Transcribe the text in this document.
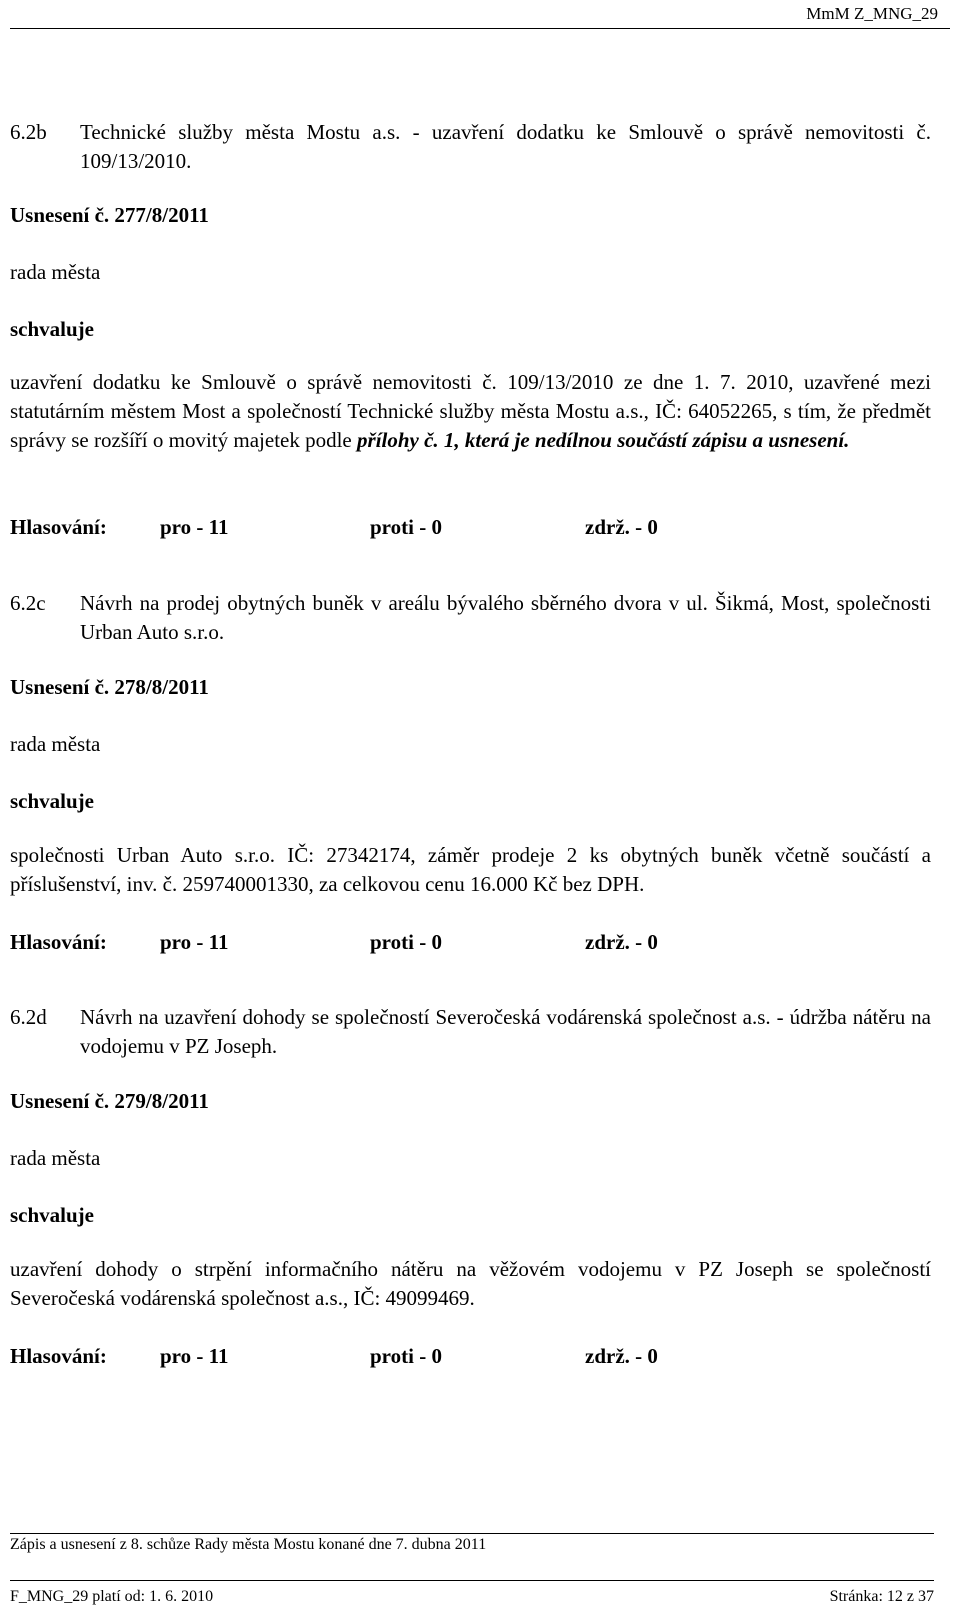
MmM Z_MNG_29
6.2b Technické služby města Mostu a.s. - uzavření dodatku ke Smlouvě o správě nemovitosti č. 109/13/2010.
Usnesení č. 277/8/2011
rada města
schvaluje
uzavření dodatku ke Smlouvě o správě nemovitosti č. 109/13/2010 ze dne 1. 7. 2010, uzavřené mezi statutárním městem Most a společností Technické služby města Mostu a.s., IČ: 64052265, s tím, že předmět správy se rozšíří o movitý majetek podle přílohy č. 1, která je nedílnou součástí zápisu a usnesení.
Hlasování:	pro - 11	proti - 0	zdrž. - 0
6.2c Návrh na prodej obytných buněk v areálu bývalého sběrného dvora v ul. Šikmá, Most, společnosti Urban Auto s.r.o.
Usnesení č. 278/8/2011
rada města
schvaluje
společnosti Urban Auto s.r.o. IČ: 27342174, záměr prodeje 2 ks obytných buněk včetně součástí a příslušenství, inv. č. 259740001330, za celkovou cenu 16.000 Kč bez DPH.
Hlasování:	pro - 11	proti - 0	zdrž. - 0
6.2d Návrh na uzavření dohody se společností Severočeská vodárenská společnost a.s. - údržba nátěru na vodojemu v PZ Joseph.
Usnesení č. 279/8/2011
rada města
schvaluje
uzavření dohody o strpění informačního nátěru na věžovém vodojemu v PZ Joseph se společností Severočeská vodárenská společnost a.s., IČ: 49099469.
Hlasování:	pro - 11	proti - 0	zdrž. - 0
Zápis a usnesení z 8. schůze Rady města Mostu konané dne 7. dubna 2011
F_MNG_29 platí od: 1. 6. 2010	Stránka: 12 z 37
